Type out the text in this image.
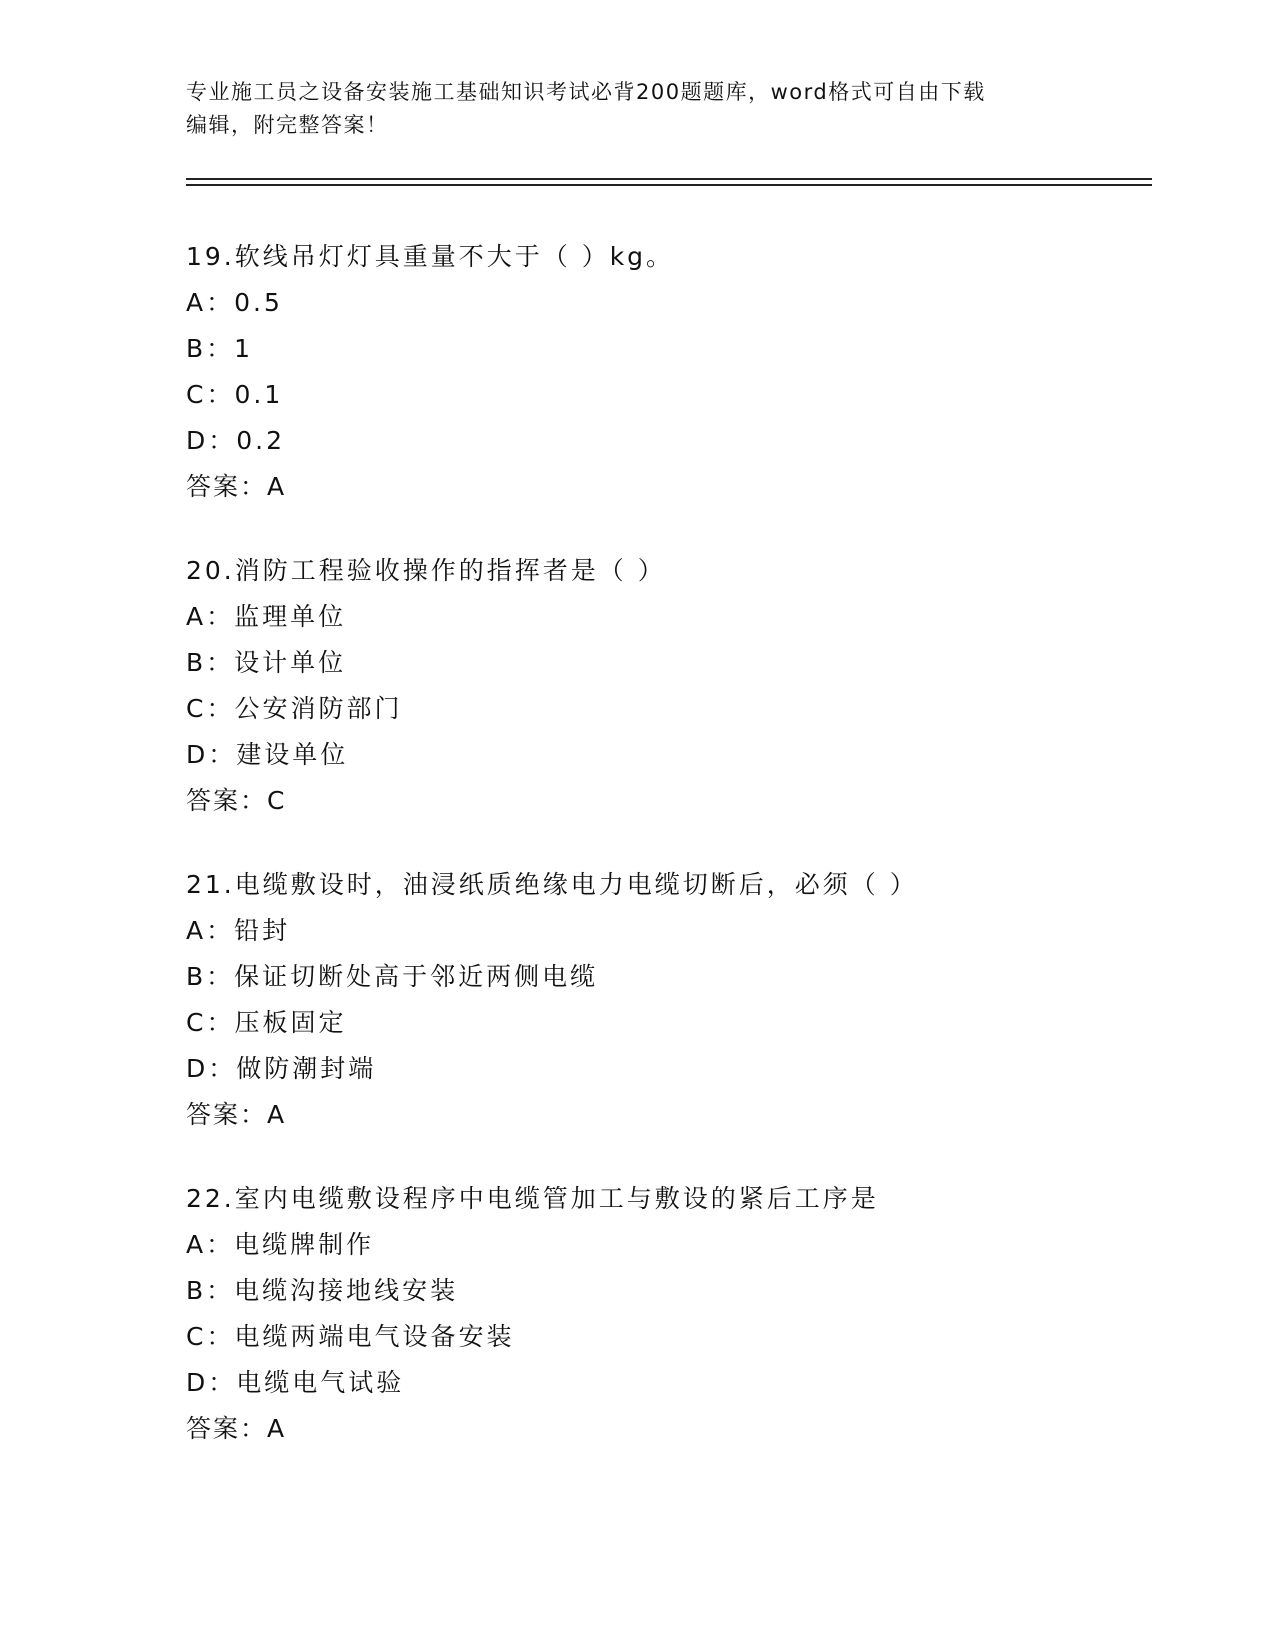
专业施工员之设备安装施工基础知识考试必背200题题库，word格式可自由下载
编辑，附完整答案！
19.软线吊灯灯具重量不大于（ ）kg。
A：0.5
B：1
C：0.1
D：0.2
答案：A
20.消防工程验收操作的指挥者是（ ）
A：监理单位
B：设计单位
C：公安消防部门
D：建设单位
答案：C
21.电缆敷设时，油浸纸质绝缘电力电缆切断后，必须（ ）
A：铅封
B：保证切断处高于邻近两侧电缆
C：压板固定
D：做防潮封端
答案：A
22.室内电缆敷设程序中电缆管加工与敷设的紧后工序是
A：电缆牌制作
B：电缆沟接地线安装
C：电缆两端电气设备安装
D：电缆电气试验
答案：A
